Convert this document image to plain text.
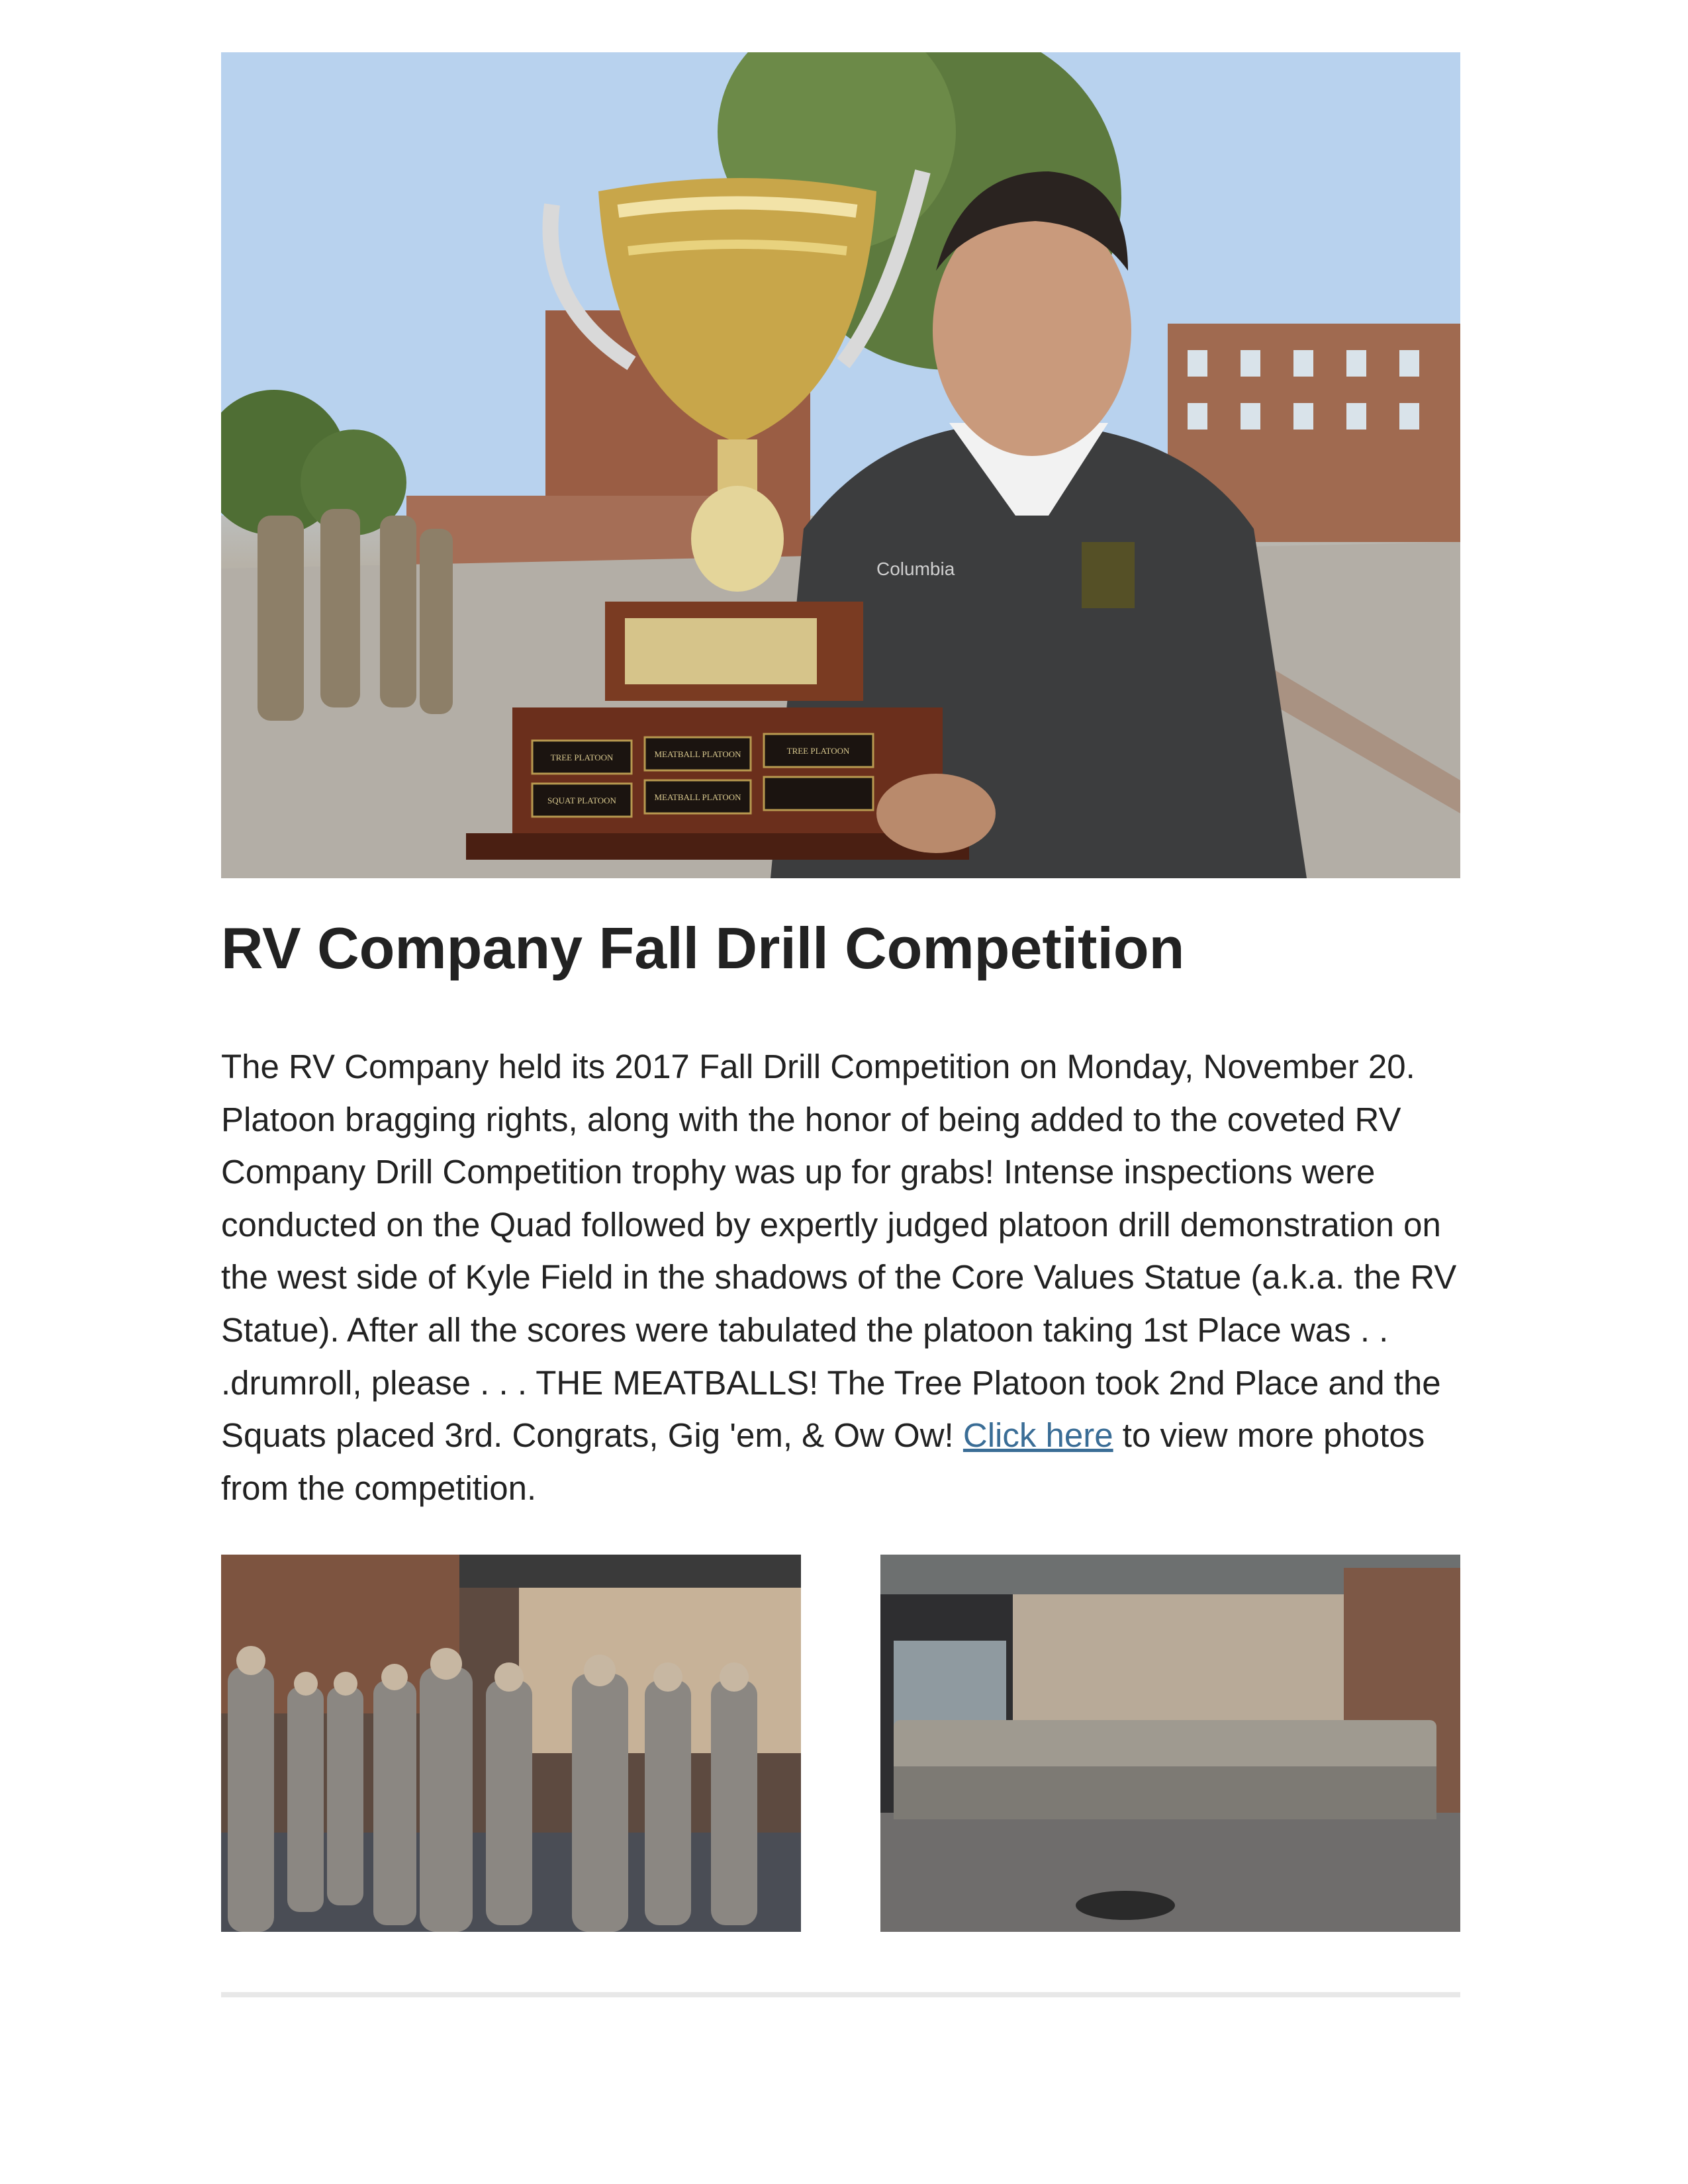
Columbia
TREE PLATOON	MEATBALL PLATOON	TREE PLATOON
SQUAT PLATOON	MEATBALL PLATOON
RV Company Fall Drill Competition

The RV Company held its 2017 Fall Drill Competition on Monday, November 20. Platoon bragging rights, along with the honor of being added to the coveted RV Company Drill Competition trophy was up for grabs! Intense inspections were conducted on the Quad followed by expertly judged platoon drill demonstration on the west side of Kyle Field in the shadows of the Core Values Statue (a.k.a. the RV Statue). After all the scores were tabulated the platoon taking 1st Place was . . .drumroll, please . . . THE MEATBALLS! The Tree Platoon took 2nd Place and the Squats placed 3rd. Congrats, Gig 'em, & Ow Ow! Click here to view more photos from the competition.
